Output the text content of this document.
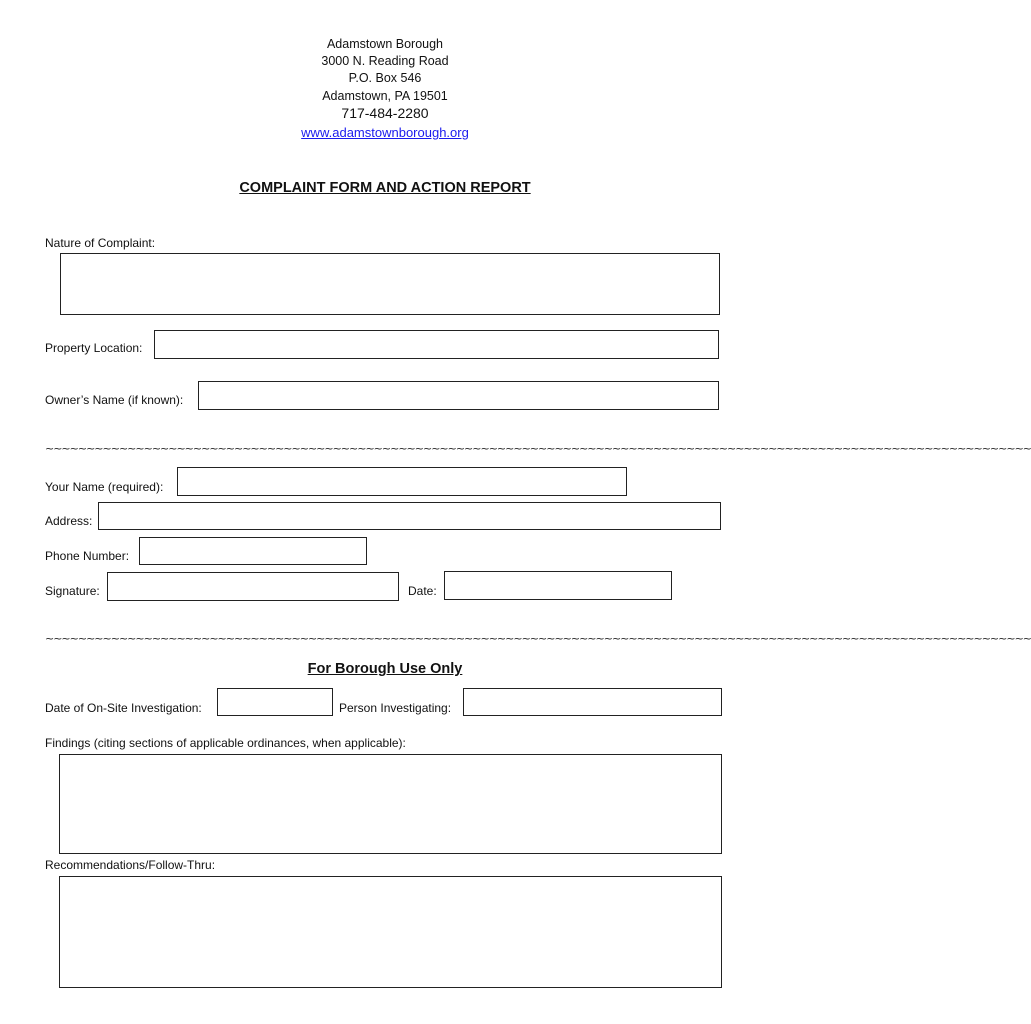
Adamstown Borough
3000 N. Reading Road
P.O. Box 546
Adamstown, PA 19501
717-484-2280
www.adamstownborough.org
COMPLAINT FORM AND ACTION REPORT
Nature of Complaint:
Property Location:
Owner’s Name (if known):
~~~~~~~~~~~~~~~~~~~~~~~~~~~~~~~~~~~~~~~~~~~~~~~~~~~~~~~~~~~~~~~~~~~~~~~~~~~~~~~~~~~~~~~~~~~~~~~~~~~~~~~~~~~~~~~~~~~~~~~~
Your Name (required):
Address:
Phone Number:
Signature:	Date:
~~~~~~~~~~~~~~~~~~~~~~~~~~~~~~~~~~~~~~~~~~~~~~~~~~~~~~~~~~~~~~~~~~~~~~~~~~~~~~~~~~~~~~~~~~~~~~~~~~~~~~~~~~~~~~~~~~~~~~~~
For Borough Use Only
Date of On-Site Investigation:	Person Investigating:
Findings (citing sections of applicable ordinances, when applicable):
Recommendations/Follow-Thru:
